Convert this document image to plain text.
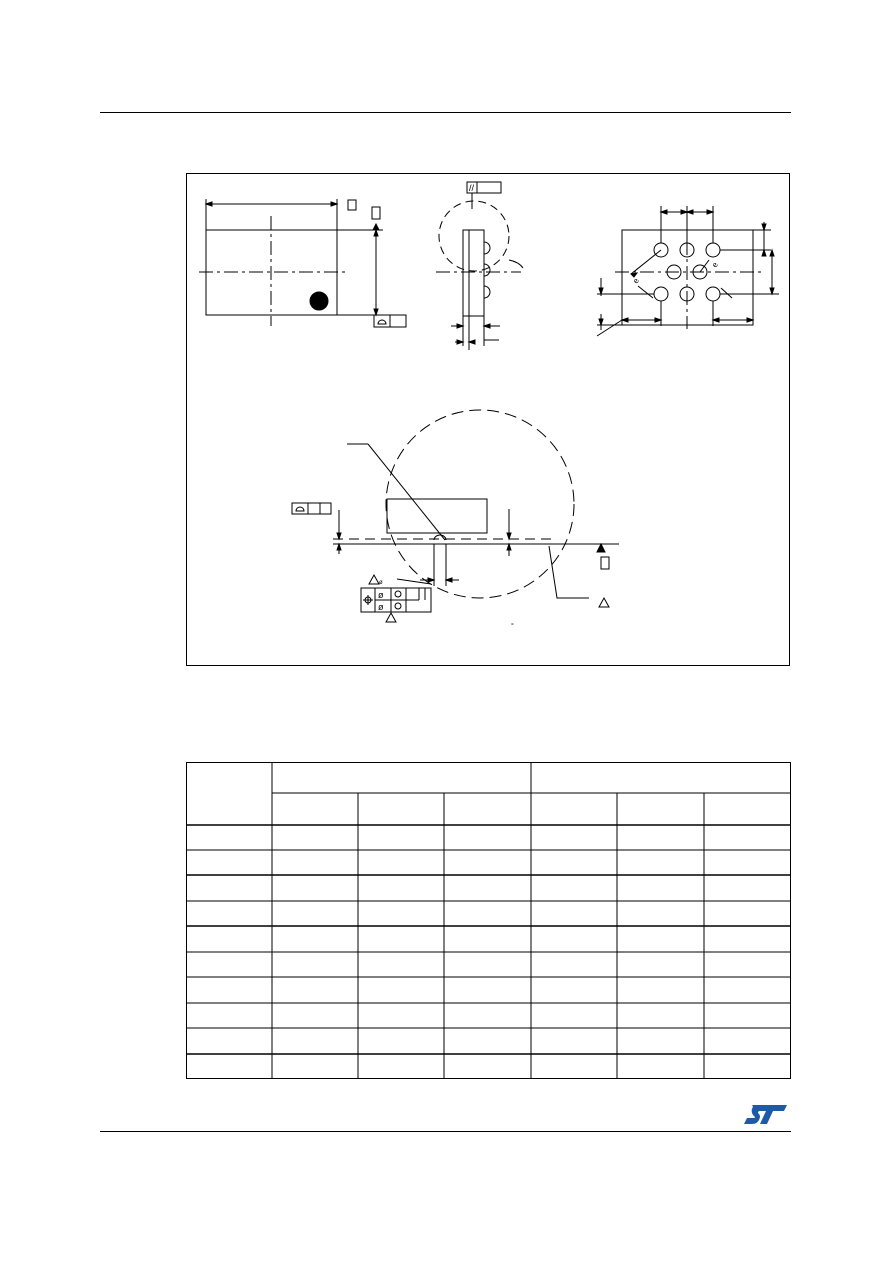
//
e
e
ø
ø
ø
°
